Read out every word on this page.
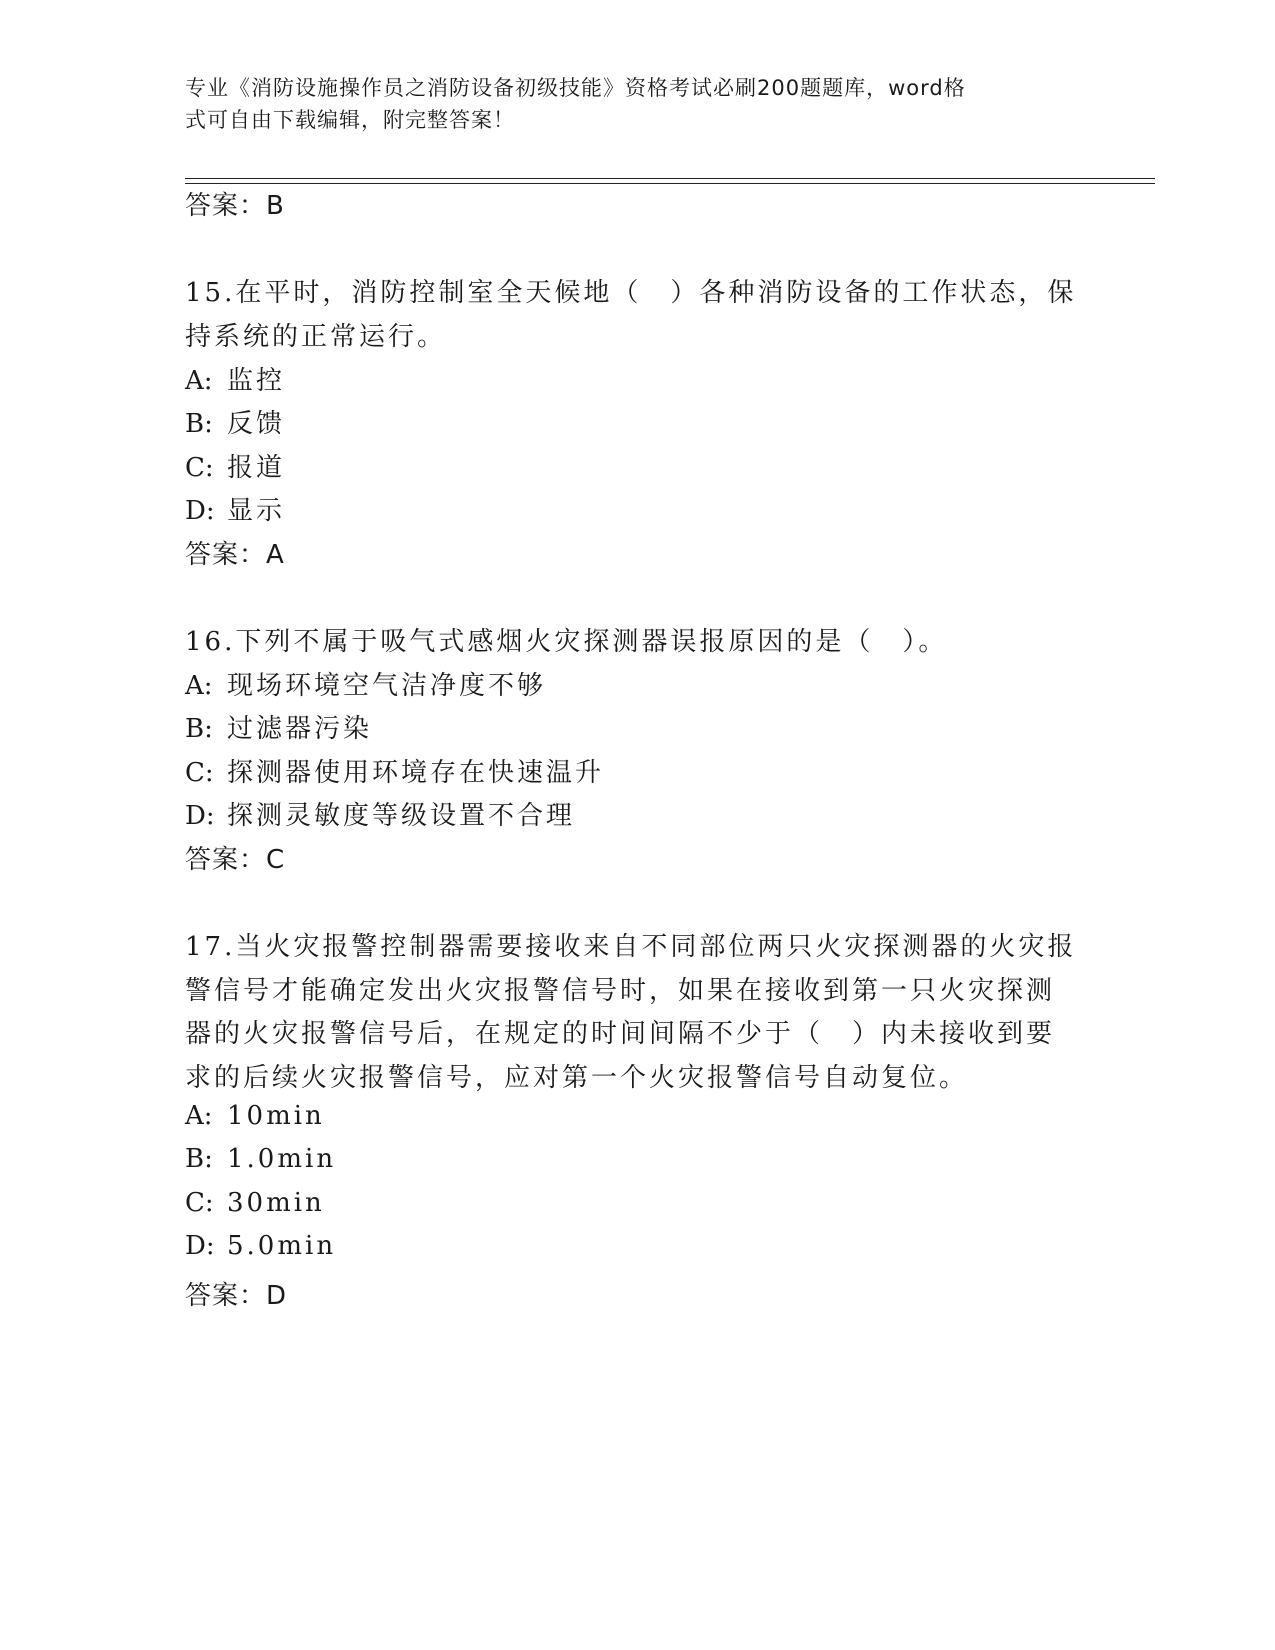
专业《消防设施操作员之消防设备初级技能》资格考试必刷200题题库，word格
式可自由下载编辑，附完整答案！
答案：B
15.在平时，消防控制室全天候地（　）各种消防设备的工作状态，保
持系统的正常运行。
A: 监控
B: 反馈
C: 报道
D: 显示
答案：A
16.下列不属于吸气式感烟火灾探测器误报原因的是（　）。
A: 现场环境空气洁净度不够
B: 过滤器污染
C: 探测器使用环境存在快速温升
D: 探测灵敏度等级设置不合理
答案：C
17.当火灾报警控制器需要接收来自不同部位两只火灾探测器的火灾报
警信号才能确定发出火灾报警信号时，如果在接收到第一只火灾探测
器的火灾报警信号后，在规定的时间间隔不少于（　）内未接收到要
求的后续火灾报警信号，应对第一个火灾报警信号自动复位。
A: 10min
B: 1.0min
C: 30min
D: 5.0min
答案：D
